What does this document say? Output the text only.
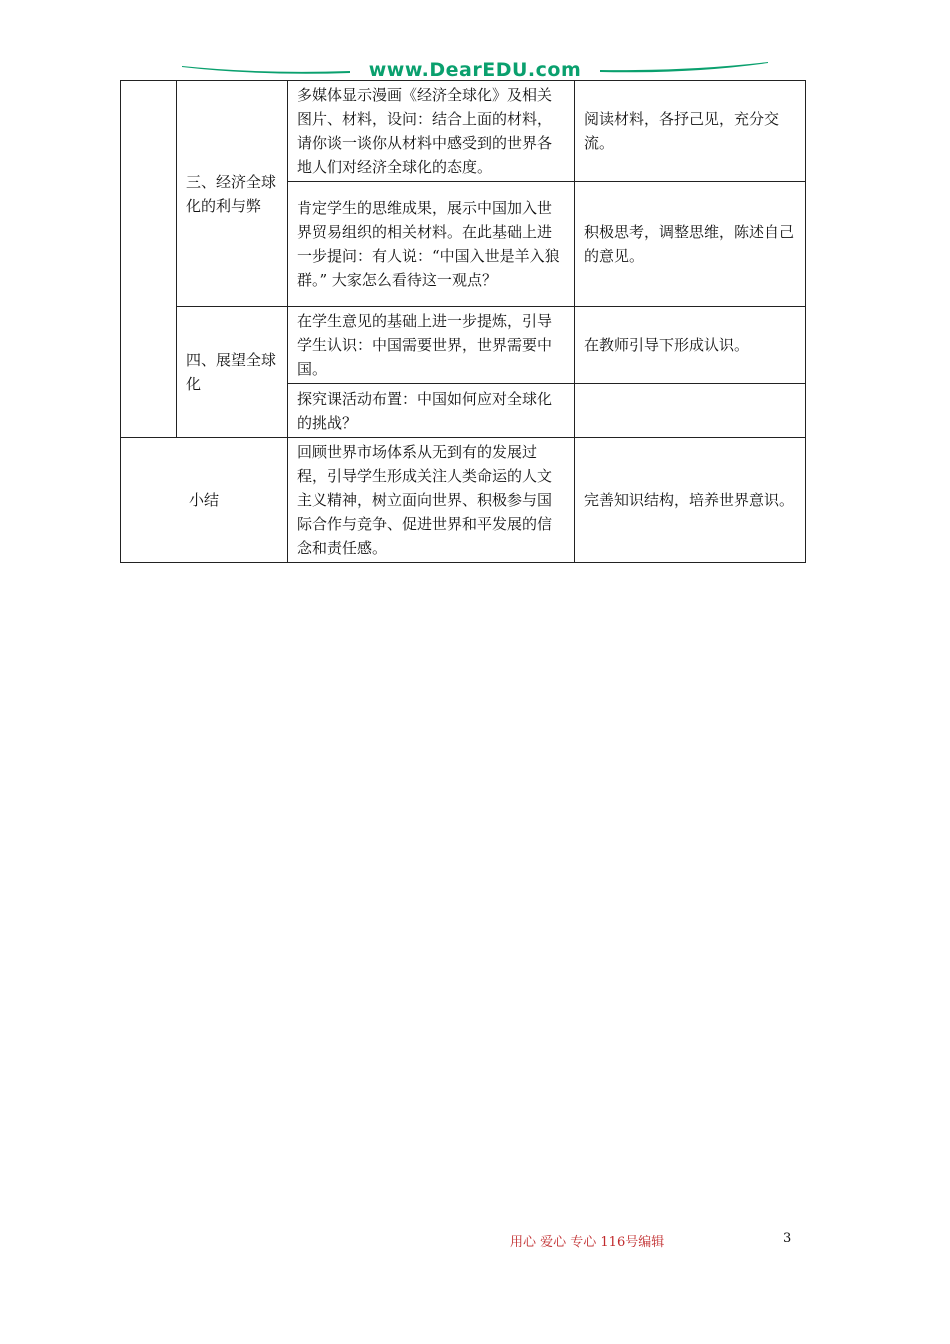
www.DearEDU.com
	三、经济全球化的利与弊	多媒体显示漫画《经济全球化》及相关图片、材料，设问：结合上面的材料，请你谈一谈你从材料中感受到的世界各地人们对经济全球化的态度。	阅读材料，各抒己见，充分交流。
		肯定学生的思维成果，展示中国加入世界贸易组织的相关材料。在此基础上进一步提问：有人说：“中国入世是羊入狼群。” 大家怎么看待这一观点？	积极思考，调整思维，陈述自己的意见。
	四、展望全球化	在学生意见的基础上进一步提炼，引导学生认识：中国需要世界，世界需要中国。	在教师引导下形成认识。
		探究课活动布置：中国如何应对全球化的挑战？	
小结		回顾世界市场体系从无到有的发展过程，引导学生形成关注人类命运的人文主义精神，树立面向世界、积极参与国际合作与竞争、促进世界和平发展的信念和责任感。	完善知识结构，培养世界意识。
用心 爱心 专心 116号编辑	3
